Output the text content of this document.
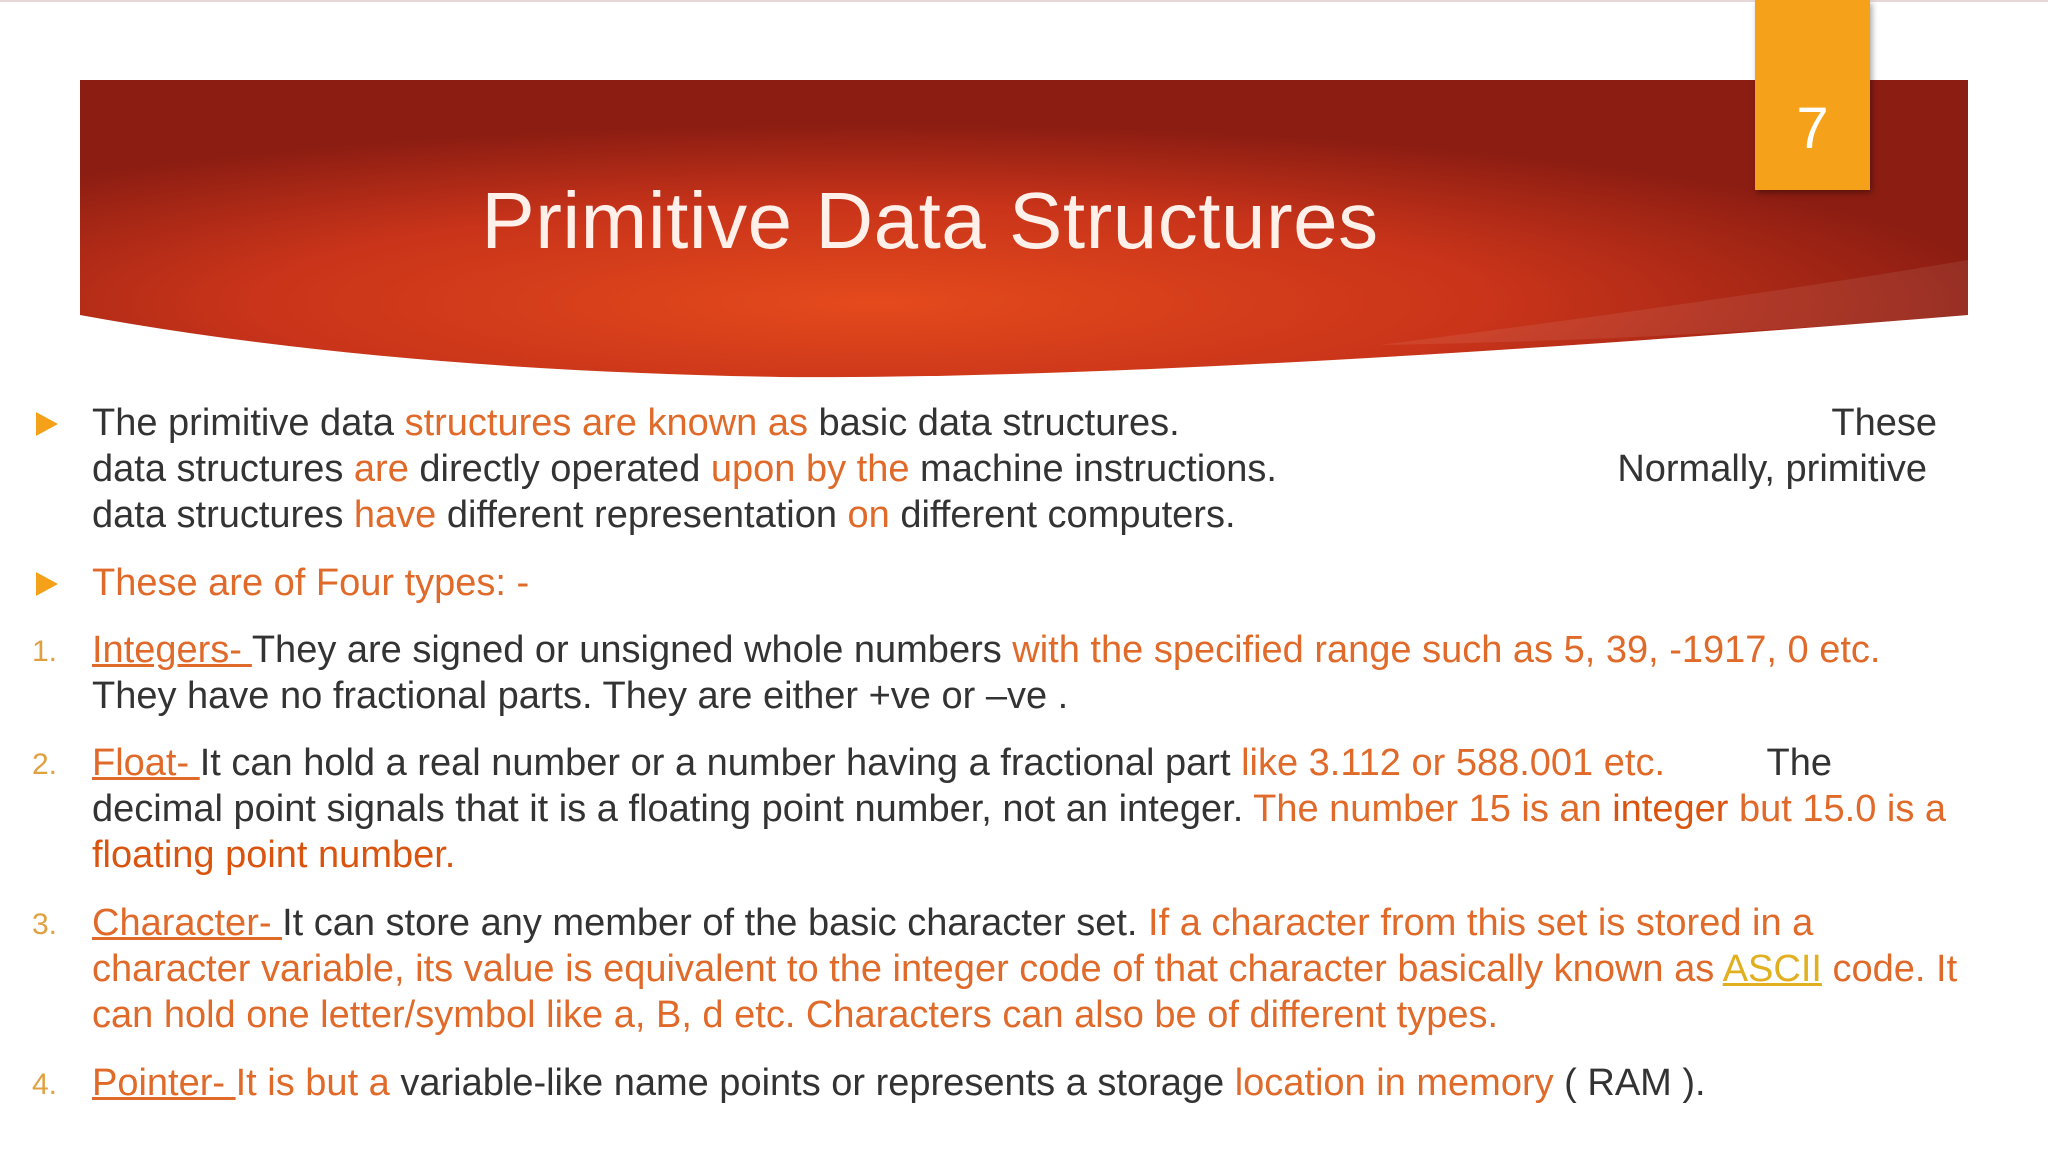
Primitive Data Structures
7
The primitive data structures are known as basic data structures.	These
data structures are directly operated upon by the machine instructions.	Normally, primitive
data structures have different representation on different computers.
These are of Four types: -
1. Integers- They are signed or unsigned whole numbers with the specified range such as 5, 39, -1917, 0 etc.
They have no fractional parts. They are either +ve or –ve .
2. Float- It can hold a real number or a number having a fractional part like 3.112 or 588.001 etc.	The
decimal point signals that it is a floating point number, not an integer. The number 15 is an integer but 15.0 is a
floating point number.
3. Character- It can store any member of the basic character set. If a character from this set is stored in a
character variable, its value is equivalent to the integer code of that character basically known as ASCII code. It
can hold one letter/symbol like a, B, d etc. Characters can also be of different types.
4. Pointer- It is but a variable-like name points or represents a storage location in memory ( RAM ).
